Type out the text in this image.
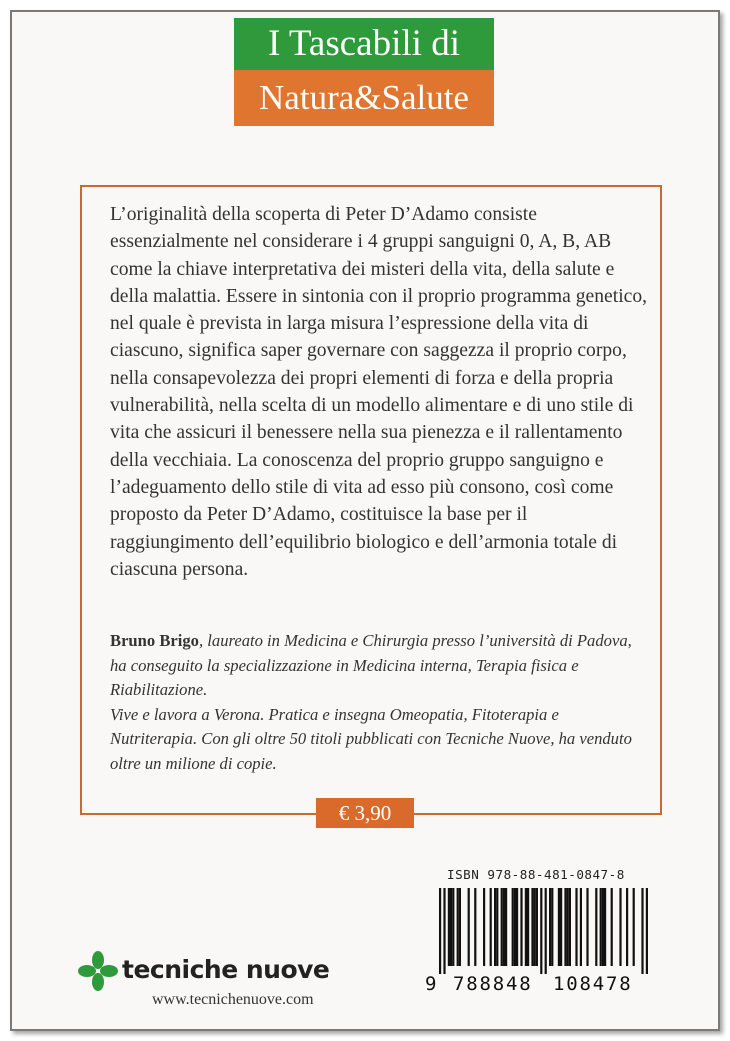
I Tascabili di
Natura&Salute
L’originalità della scoperta di Peter D’Adamo consiste essenzialmente nel considerare i 4 gruppi sanguigni 0, A, B, AB come la chiave interpretativa dei misteri della vita, della salute e della malattia. Essere in sintonia con il proprio programma genetico, nel quale è prevista in larga misura l’espressione della vita di ciascuno, significa saper governare con saggezza il proprio corpo, nella consapevolezza dei propri elementi di forza e della propria vulnerabilità, nella scelta di un modello alimentare e di uno stile di vita che assicuri il benessere nella sua pienezza e il rallentamento della vecchiaia. La conoscenza del proprio gruppo sanguigno e l’adeguamento dello stile di vita ad esso più consono, così come proposto da Peter D’Adamo, costituisce la base per il raggiungimento dell’equilibrio biologico e dell’armonia totale di ciascuna persona.
Bruno Brigo, laureato in Medicina e Chirurgia presso l’università di Padova, ha conseguito la specializzazione in Medicina interna, Terapia fisica e Riabilitazione.
Vive e lavora a Verona. Pratica e insegna Omeopatia, Fitoterapia e Nutriterapia. Con gli oltre 50 titoli pubblicati con Tecniche Nuove, ha venduto oltre un milione di copie.
€ 3,90
ISBN 978-88-481-0847-8
9 788848 108478
tecniche nuove
www.tecnichenuove.com
